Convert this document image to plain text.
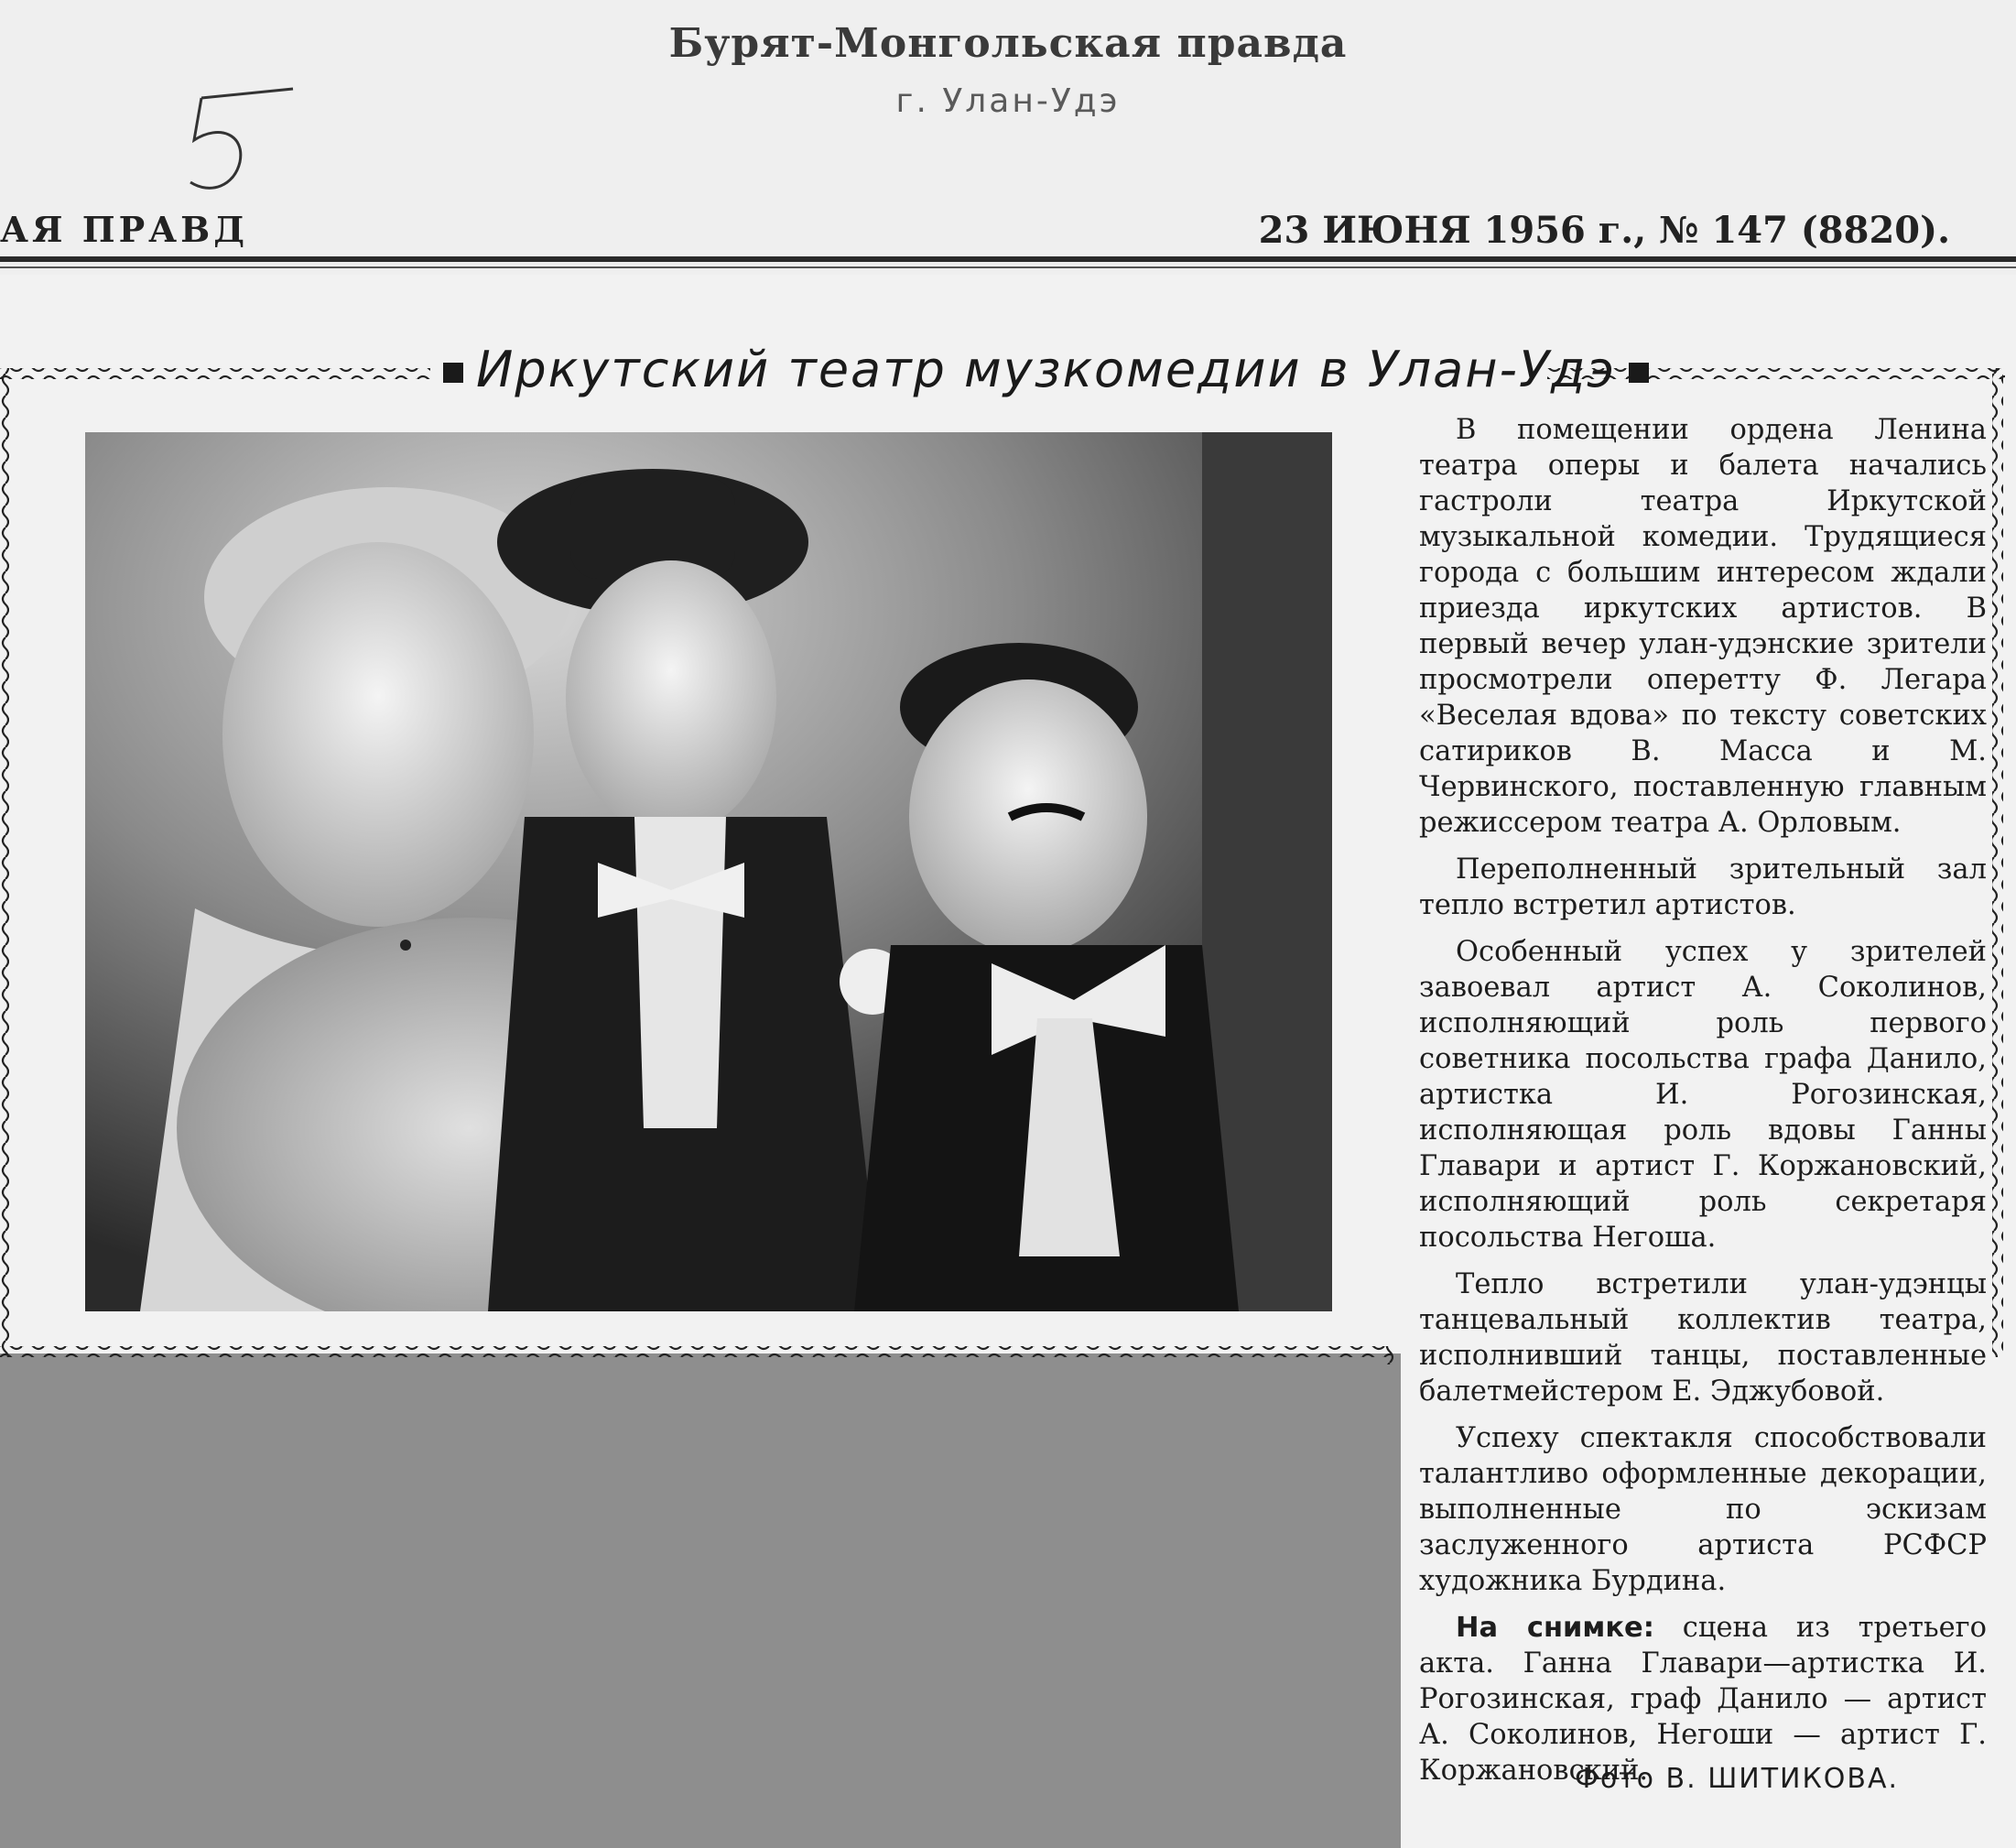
Бурят-Монгольская правда
г. Улан-Удэ
АЯ ПРАВД	23 ИЮНЯ 1956 г., № 147 (8820).
Иркутский театр музкомедии в Улан-Удэ

В помещении ордена Ленина театра оперы и балета начались гастроли театра Иркутской музыкальной комедии. Трудящиеся города с большим интересом ждали приезда иркутских артистов. В первый вечер улан-удэнские зрители просмотрели оперетту Ф. Легара «Веселая вдова» по тексту советских сатириков В. Масса и М. Червинского, поставленную главным режиссером театра А. Орловым.

Переполненный зрительный зал тепло встретил артистов.

Особенный успех у зрителей завоевал артист А. Соколинов, исполняющий роль первого советника посольства графа Данило, артистка И. Рогозинская, исполняющая роль вдовы Ганны Главари и артист Г. Коржановский, исполняющий роль секретаря посольства Негоша.

Тепло встретили улан-удэнцы танцевальный коллектив театра, исполнивший танцы, поставленные балетмейстером Е. Эджубовой.

Успеху спектакля способствовали талантливо оформленные декорации, выполненные по эскизам заслуженного артиста РСФСР художника Бурдина.

На снимке: сцена из третьего акта. Ганна Главари—артистка И. Рогозинская, граф Данило — артист А. Соколинов, Негоши — артист Г. Коржановский.

Фото В. ШИТИКОВА.
